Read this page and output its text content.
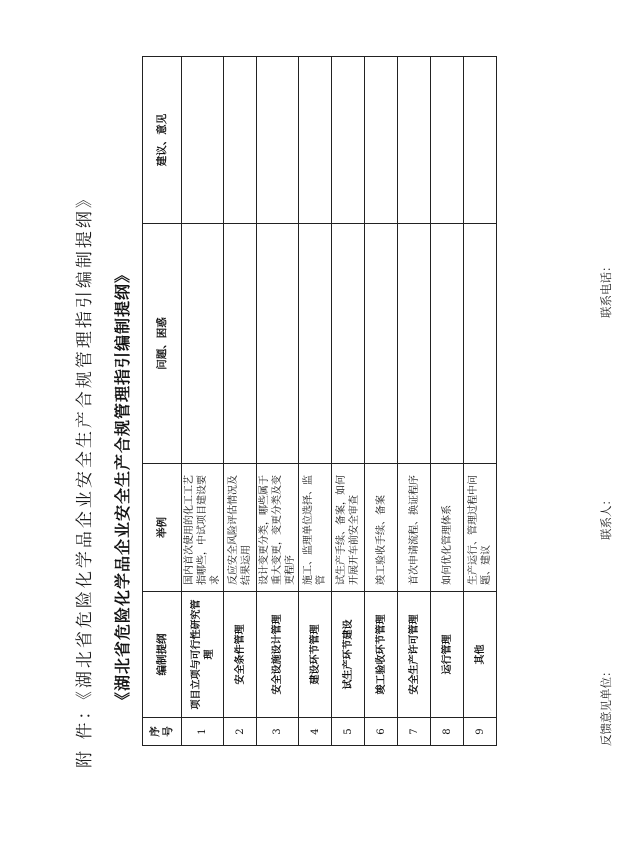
附 件：《湖北省危险化学品企业安全生产合规管理指引编制提纲》 《湖北省危险化学品企业安全生产合规管理指引编制提纲》
序号	编制提纲	举例	问题、困惑	建议、意见
1	项目立项与可行性研究管理	国内首次使用的化工工艺指哪些，中试项目建设要求		
2	安全条件管理	反应安全风险评估情况及结果运用		
3	安全设施设计管理	设计变更分类，哪些属于重大变更，变更分类及变更程序		
4	建设环节管理	施工、监理单位选择、监管		
5	试生产环节建设	试生产手续、备案，如何开展开车前安全审查		
6	竣工验收环节管理	竣工验收手续、备案		
7	安全生产许可管理	首次申请流程、换证程序		
8	运行管理	如何优化管理体系		
9	其他	生产运行、管理过程中问题、建议		
反馈意见单位：
联系人：
联系电话：
